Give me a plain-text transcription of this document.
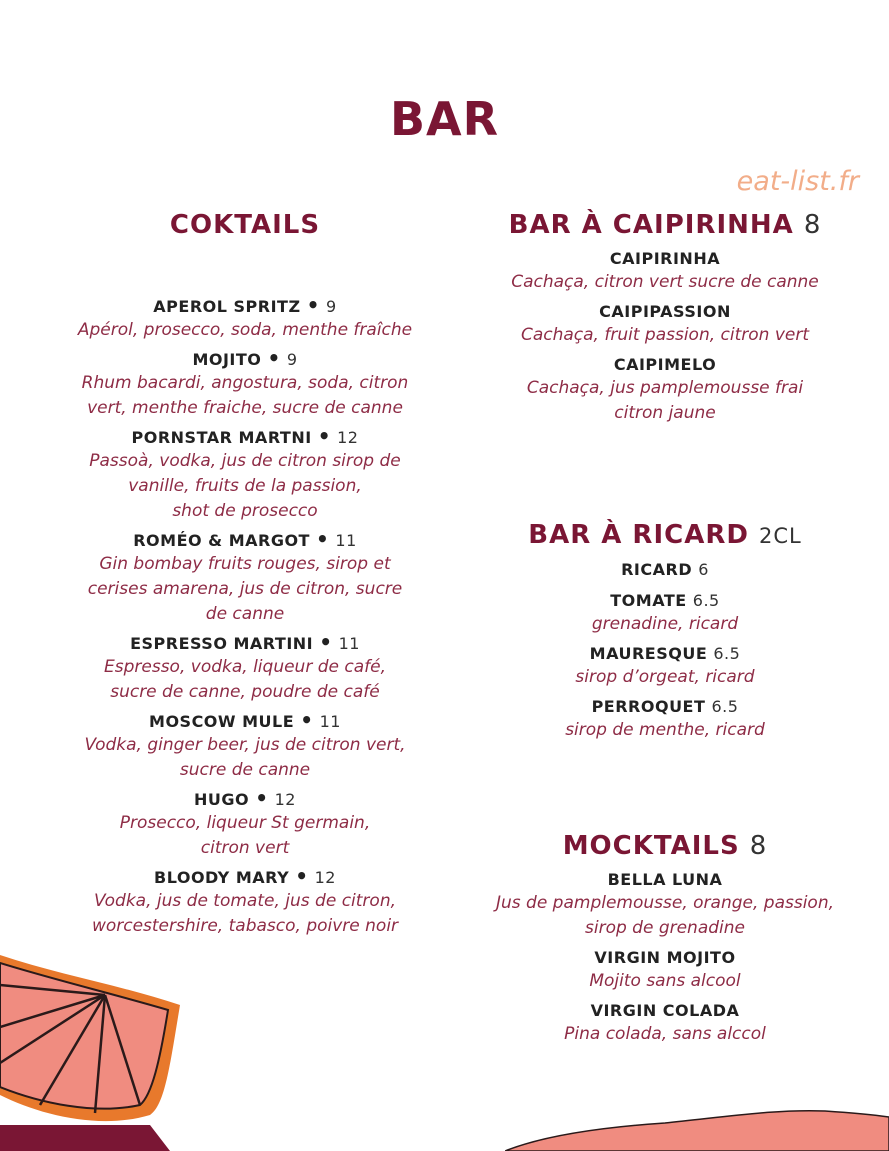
BAR
eat-list.fr
COKTAILS

APEROL SPRITZ • 9

Apérol, prosecco, soda, menthe fraîche

MOJITO • 9

Rhum bacardi, angostura, soda, citron
vert, menthe fraiche, sucre de canne

PORNSTAR MARTNI • 12

Passoà, vodka, jus de citron sirop de
vanille, fruits de la passion,
shot de prosecco

ROMÉO & MARGOT • 11

Gin bombay fruits rouges, sirop et
cerises amarena, jus de citron, sucre
de canne

ESPRESSO MARTINI • 11

Espresso, vodka, liqueur de café,
sucre de canne, poudre de café

MOSCOW MULE • 11

Vodka, ginger beer, jus de citron vert,
sucre de canne

HUGO • 12

Prosecco, liqueur St germain,
citron vert

BLOODY MARY • 12

Vodka, jus de tomate, jus de citron,
worcestershire, tabasco, poivre noir

BAR À CAIPIRINHA 8

CAIPIRINHA

Cachaça, citron vert sucre de canne

CAIPIPASSION

Cachaça, fruit passion, citron vert

CAIPIMELO

Cachaça, jus pamplemousse frai
citron jaune

BAR À RICARD 2CL

RICARD 6

TOMATE 6.5

grenadine, ricard

MAURESQUE 6.5

sirop d’orgeat, ricard

PERROQUET 6.5

sirop de menthe, ricard

MOCKTAILS 8

BELLA LUNA

Jus de pamplemousse, orange, passion,
sirop de grenadine

VIRGIN MOJITO

Mojito sans alcool

VIRGIN COLADA

Pina colada, sans alccol
